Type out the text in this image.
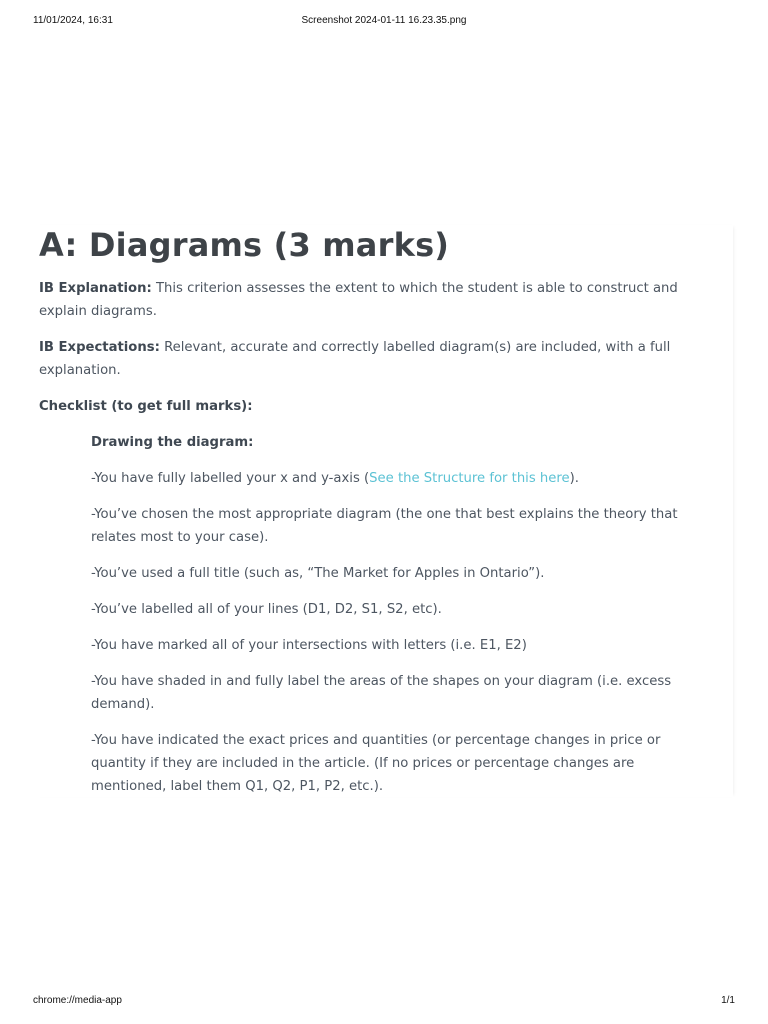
11/01/2024, 16:31	Screenshot 2024-01-11 16.23.35.png
A: Diagrams (3 marks)

IB Explanation: This criterion assesses the extent to which the student is able to construct and explain diagrams.

IB Expectations: Relevant, accurate and correctly labelled diagram(s) are included, with a full explanation.

Checklist (to get full marks):

Drawing the diagram:

-You have fully labelled your x and y-axis (See the Structure for this here).

-You’ve chosen the most appropriate diagram (the one that best explains the theory that relates most to your case).

-You’ve used a full title (such as, “The Market for Apples in Ontario”).

-You’ve labelled all of your lines (D1, D2, S1, S2, etc).

-You have marked all of your intersections with letters (i.e. E1, E2)

-You have shaded in and fully label the areas of the shapes on your diagram (i.e. excess demand).

-You have indicated the exact prices and quantities (or percentage changes in price or quantity if they are included in the article. (If no prices or percentage changes are mentioned, label them Q1, Q2, P1, P2, etc.).

chrome://media-app	1/1
